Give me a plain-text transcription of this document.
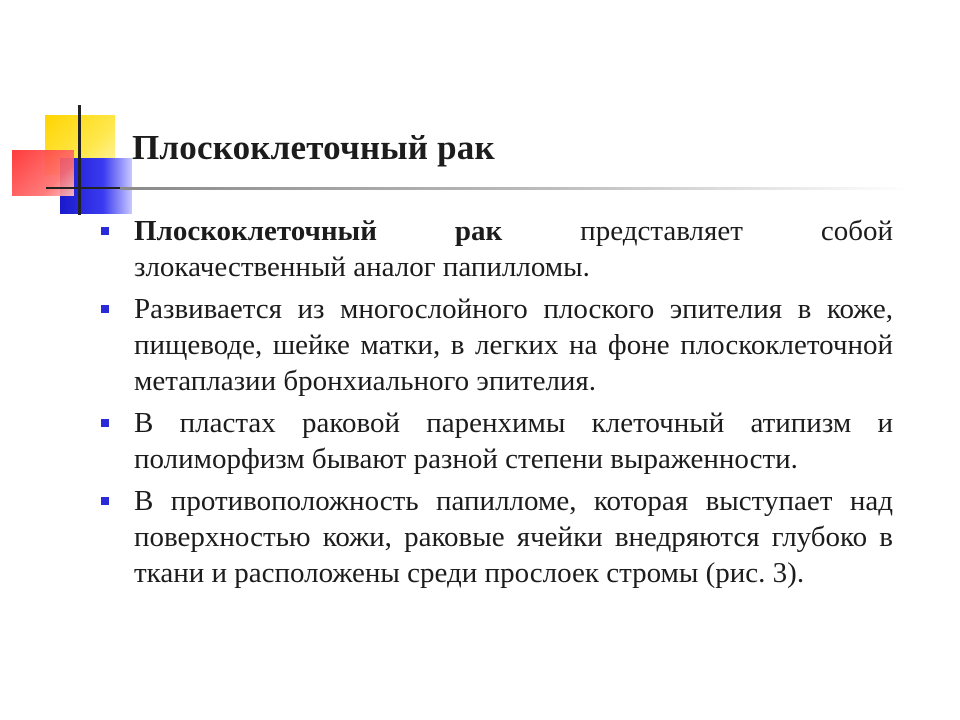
Плоскоклеточный рак
Плоскоклеточный рак представляет собой злокачественный аналог папилломы.
Развивается из многослойного плоского эпителия в коже, пищеводе, шейке матки, в легких на фоне плоскоклеточной метаплазии бронхиального эпителия.
В пластах раковой паренхимы клеточный атипизм и полиморфизм бывают разной степени выраженности.
В противоположность папилломе, которая выступает над поверхностью кожи, раковые ячейки внедряются глубоко в ткани и расположены среди прослоек стромы (рис. 3).
